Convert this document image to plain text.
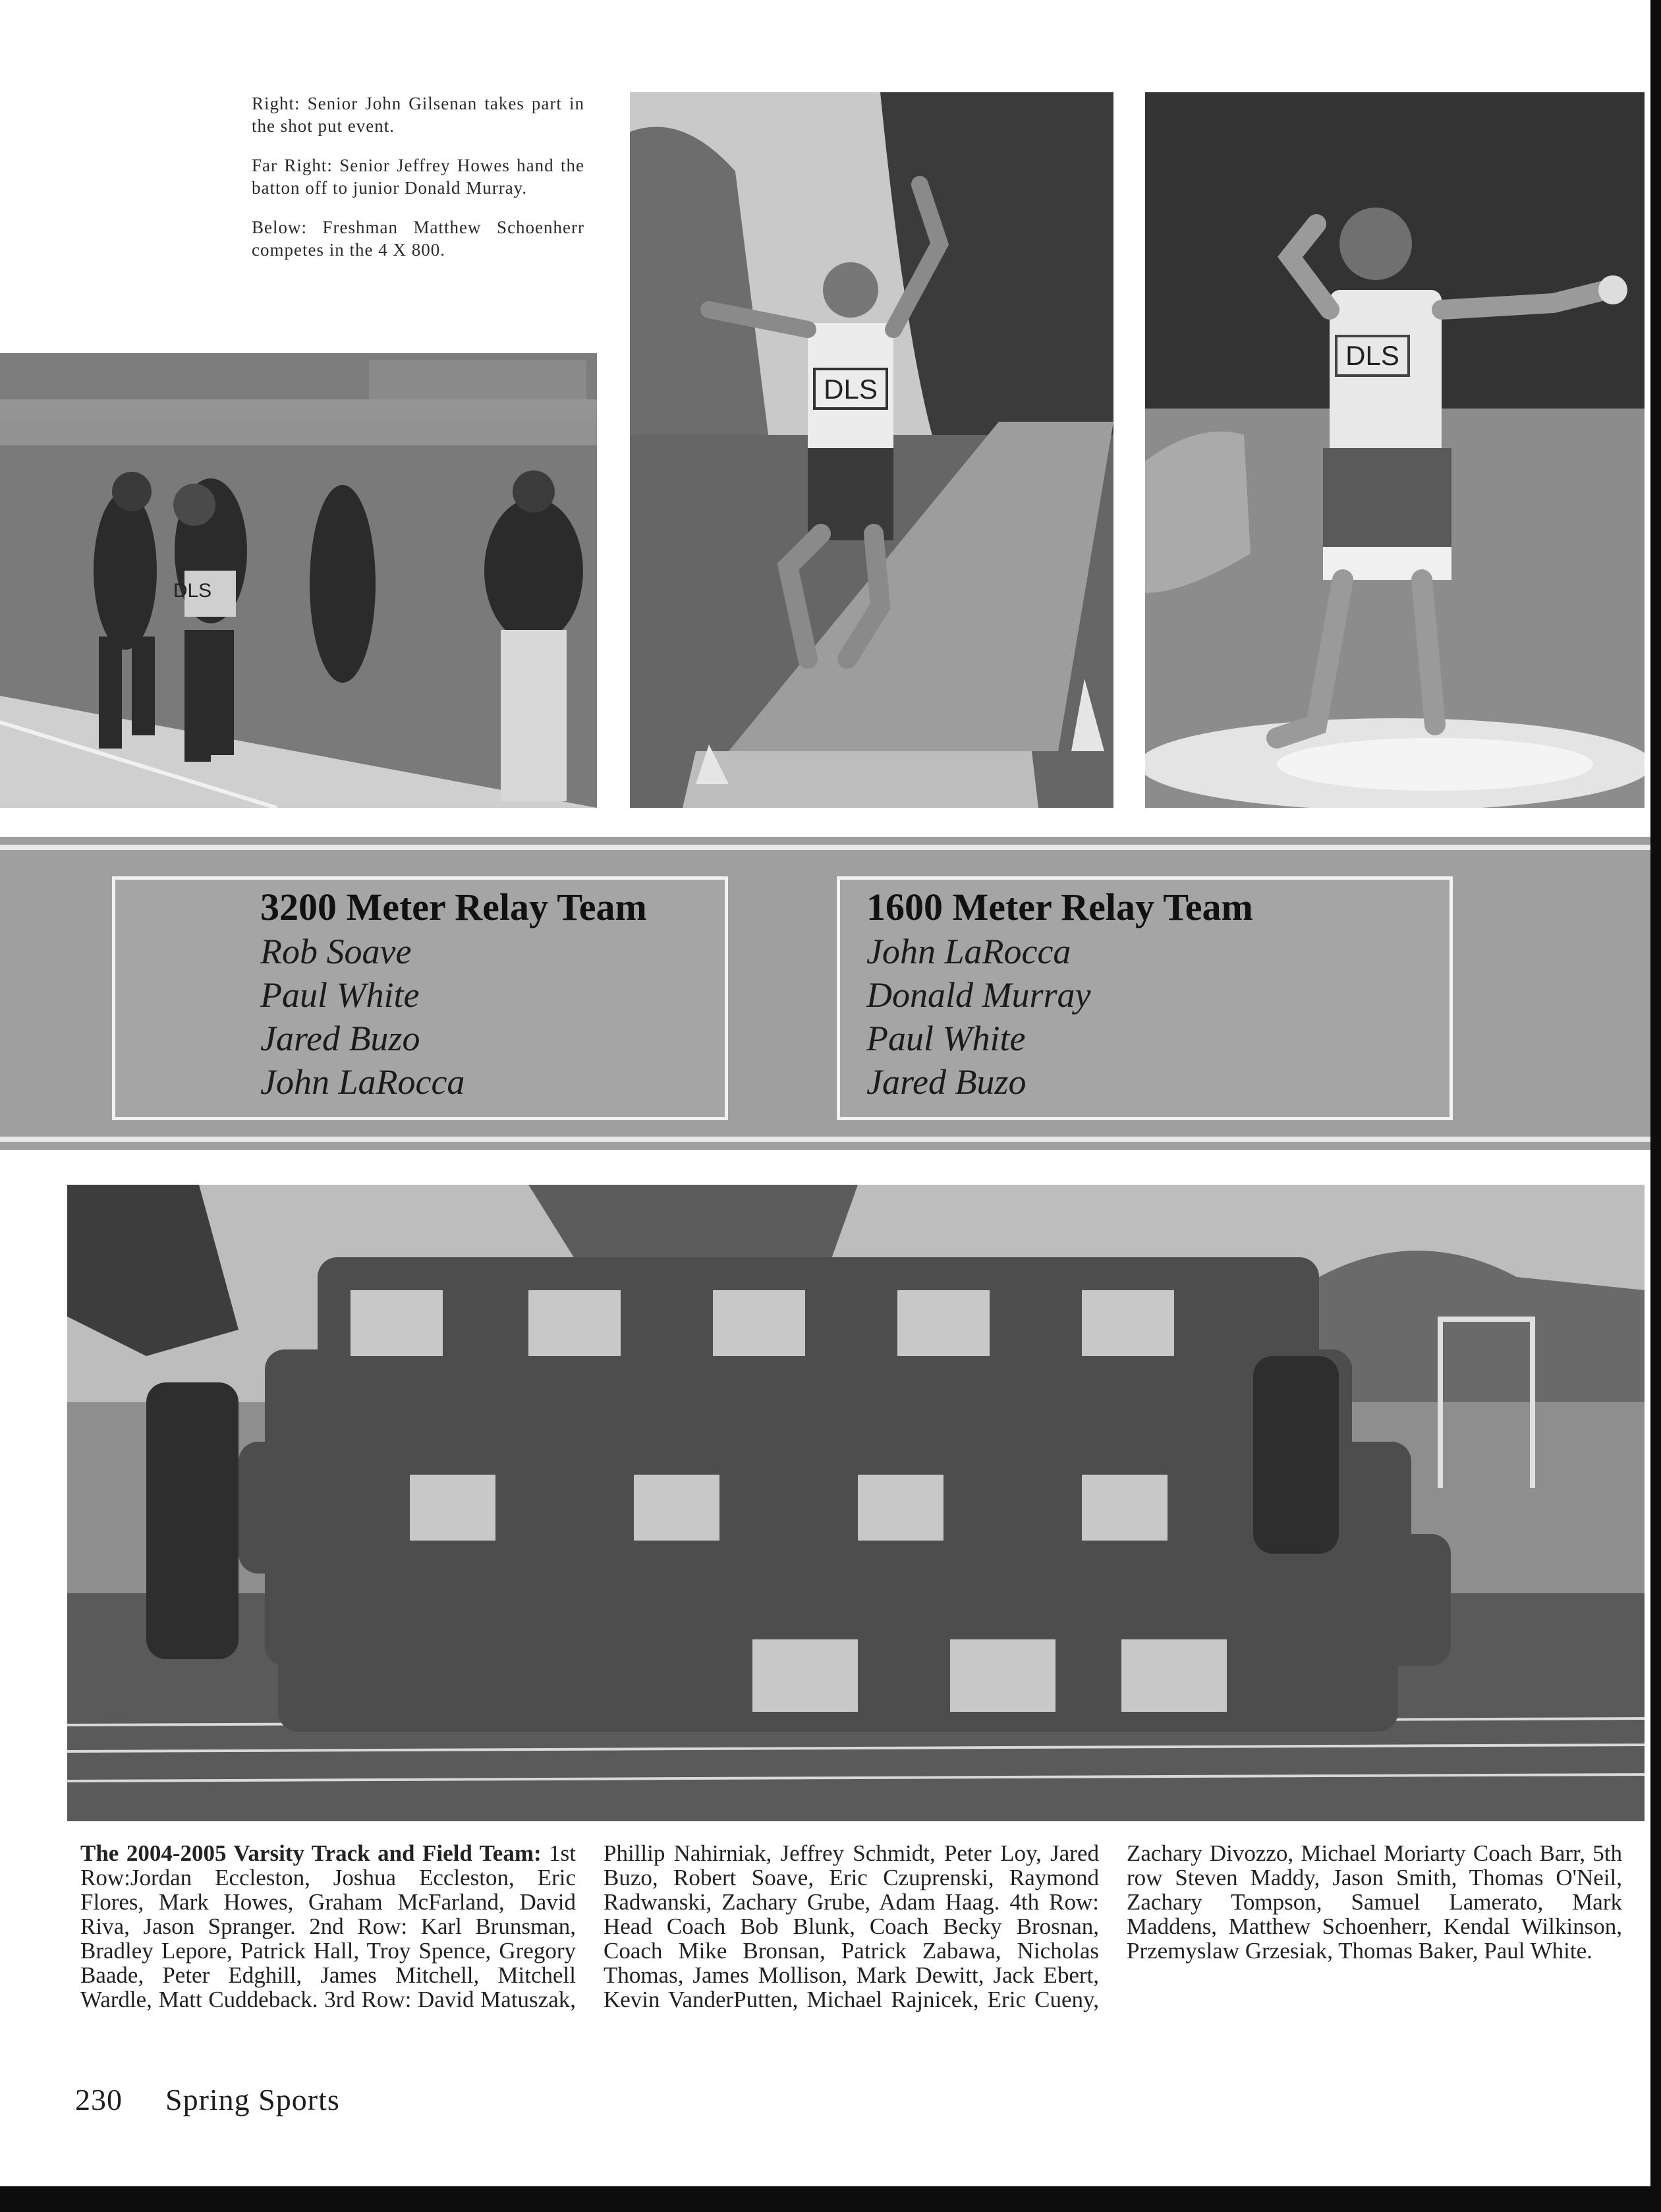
Right: Senior John Gilsenan takes part in the shot put event.

Far Right: Senior Jeffrey Howes hand the batton off to junior Donald Murray.

Below: Freshman Matthew Schoenherr competes in the 4 X 800.

DLS
DLS
DLS
3200 Meter Relay Team
Rob Soave
Paul White
Jared Buzo
John LaRocca
1600 Meter Relay Team
John LaRocca
Donald Murray
Paul White
Jared Buzo
The 2004-2005 Varsity Track and Field Team: 1st Row:Jordan Eccleston, Joshua Eccleston, Eric Flores, Mark Howes, Graham McFarland, David Riva, Jason Spranger. 2nd Row: Karl Brunsman, Bradley Lepore, Patrick Hall, Troy Spence, Gregory Baade, Peter Edghill, James Mitchell, Mitchell Wardle, Matt Cuddeback. 3rd Row: David Matuszak, Phillip Nahirniak, Jeffrey Schmidt, Peter Loy, Jared Buzo, Robert Soave, Eric Czuprenski, Raymond Radwanski, Zachary Grube, Adam Haag. 4th Row: Head Coach Bob Blunk, Coach Becky Brosnan, Coach Mike Bronsan, Patrick Zabawa, Nicholas Thomas, James Mollison, Mark Dewitt, Jack Ebert, Kevin VanderPutten, Michael Rajnicek, Eric Cueny, Zachary Divozzo, Michael Moriarty Coach Barr, 5th row Steven Maddy, Jason Smith, Thomas O'Neil, Zachary Tompson, Samuel Lamerato, Mark Maddens, Matthew Schoenherr, Kendal Wilkinson, Przemyslaw Grzesiak, Thomas Baker, Paul White.
230 Spring Sports
